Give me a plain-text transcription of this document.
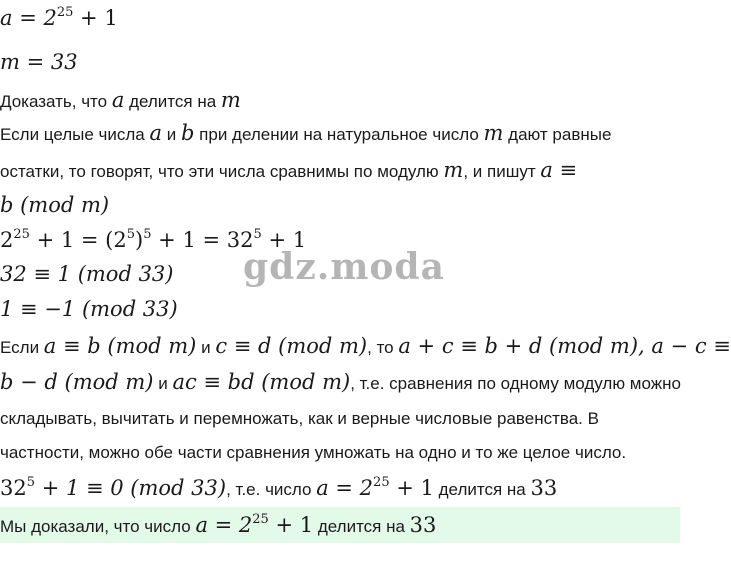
$a = 2^{25} + 1$
m = 33
Доказать, что a делится на m
Если целые числа a и b при делении на натуральное число m дают равные
остатки, то говорят, что эти числа сравнимы по модулю m, и пишут a ≡
b (mod m)
$2^{25} + 1 = (2^5)^5 + 1 = 32^5 + 1$
gdz.moda
32 ≡ 1 (mod 33)
1 ≡ −1 (mod 33)
Если a ≡ b (mod m) и c ≡ d (mod m), то a + c ≡ b + d (mod m), a − c ≡
b − d (mod m) и ac ≡ bd (mod m), т.е. сравнения по одному модулю можно
складывать, вычитать и перемножать, как и верные числовые равенства. В
частности, можно обе части сравнения умножать на одно и то же целое число.
$32^5 + 1 \equiv 0$ (mod 33), т.е. число $a = 2^{25} + 1$ делится на 33
Мы доказали, что число $a = 2^{25} + 1$ делится на 33
